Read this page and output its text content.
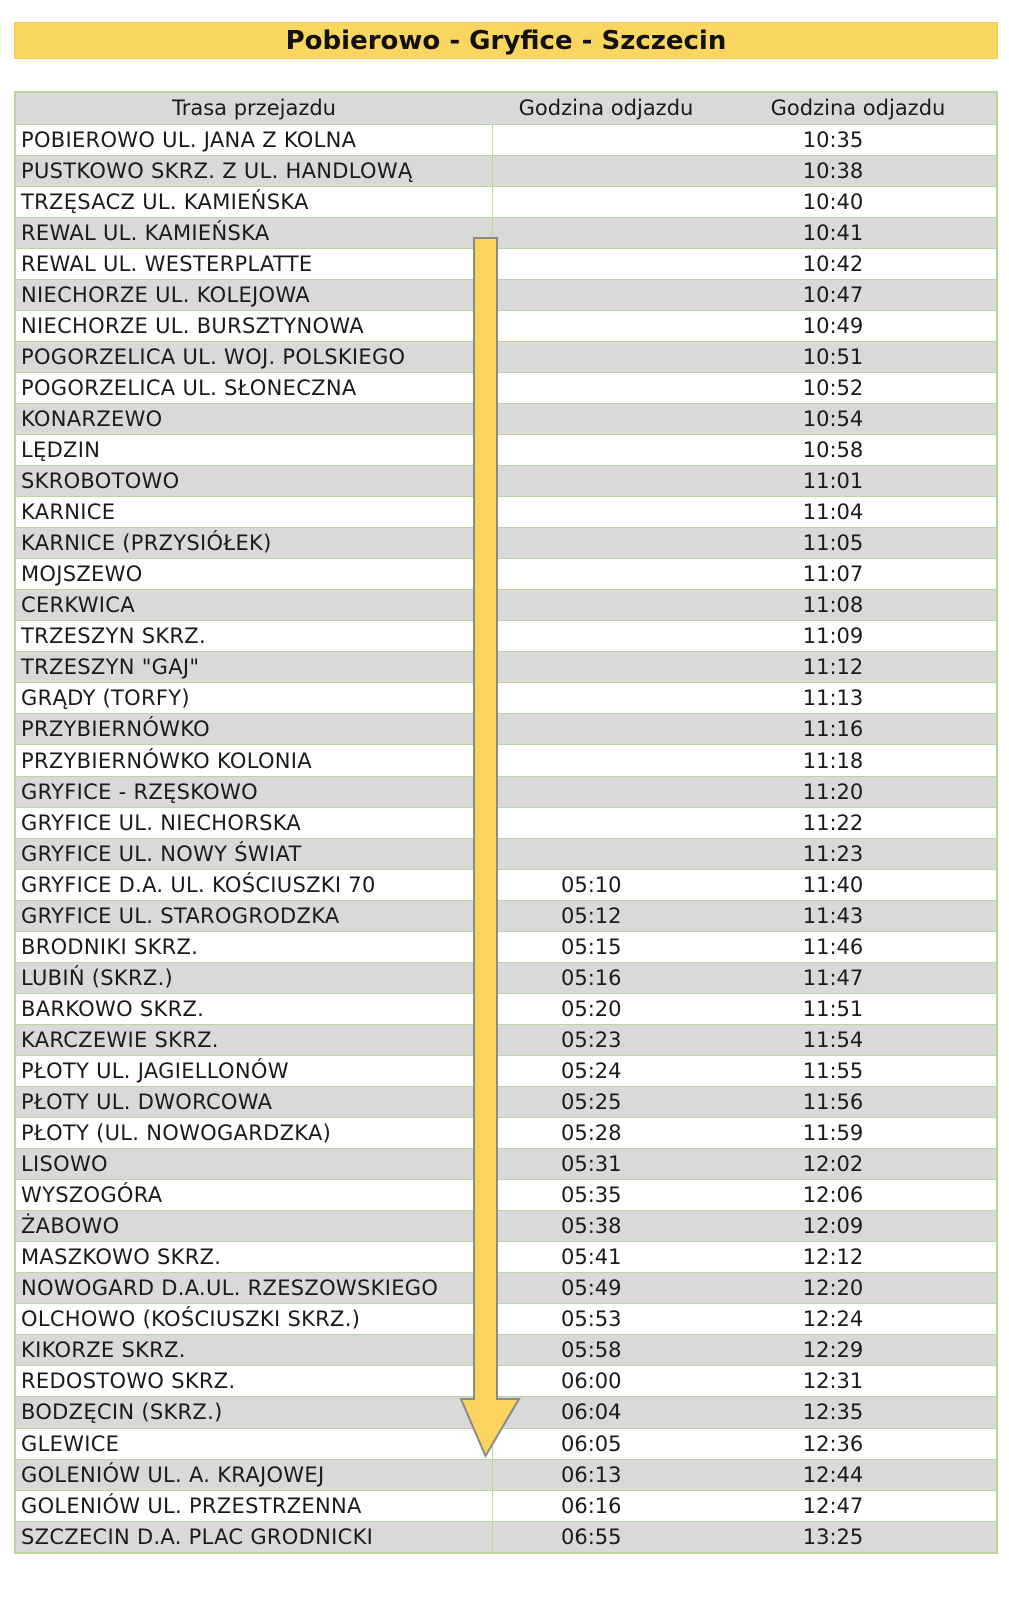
Pobierowo - Gryfice - Szczecin
Trasa przejazdu	Godzina odjazdu	Godzina odjazdu
POBIEROWO UL. JANA Z KOLNA		10:35
PUSTKOWO SKRZ. Z UL. HANDLOWĄ		10:38
TRZĘSACZ UL. KAMIEŃSKA		10:40
REWAL UL. KAMIEŃSKA		10:41
REWAL UL. WESTERPLATTE		10:42
NIECHORZE UL. KOLEJOWA		10:47
NIECHORZE UL. BURSZTYNOWA		10:49
POGORZELICA UL. WOJ. POLSKIEGO		10:51
POGORZELICA UL. SŁONECZNA		10:52
KONARZEWO		10:54
LĘDZIN		10:58
SKROBOTOWO		11:01
KARNICE		11:04
KARNICE (PRZYSIÓŁEK)		11:05
MOJSZEWO		11:07
CERKWICA		11:08
TRZESZYN SKRZ.		11:09
TRZESZYN "GAJ"		11:12
GRĄDY (TORFY)		11:13
PRZYBIERNÓWKO		11:16
PRZYBIERNÓWKO KOLONIA		11:18
GRYFICE - RZĘSKOWO		11:20
GRYFICE UL. NIECHORSKA		11:22
GRYFICE UL. NOWY ŚWIAT		11:23
GRYFICE D.A. UL. KOŚCIUSZKI 70	05:10	11:40
GRYFICE UL. STAROGRODZKA	05:12	11:43
BRODNIKI SKRZ.	05:15	11:46
LUBIŃ (SKRZ.)	05:16	11:47
BARKOWO SKRZ.	05:20	11:51
KARCZEWIE SKRZ.	05:23	11:54
PŁOTY UL. JAGIELLONÓW	05:24	11:55
PŁOTY UL. DWORCOWA	05:25	11:56
PŁOTY (UL. NOWOGARDZKA)	05:28	11:59
LISOWO	05:31	12:02
WYSZOGÓRA	05:35	12:06
ŻABOWO	05:38	12:09
MASZKOWO SKRZ.	05:41	12:12
NOWOGARD D.A.UL. RZESZOWSKIEGO	05:49	12:20
OLCHOWO (KOŚCIUSZKI SKRZ.)	05:53	12:24
KIKORZE SKRZ.	05:58	12:29
REDOSTOWO SKRZ.	06:00	12:31
BODZĘCIN (SKRZ.)	06:04	12:35
GLEWICE	06:05	12:36
GOLENIÓW UL. A. KRAJOWEJ	06:13	12:44
GOLENIÓW UL. PRZESTRZENNA	06:16	12:47
SZCZECIN D.A. PLAC GRODNICKI	06:55	13:25
